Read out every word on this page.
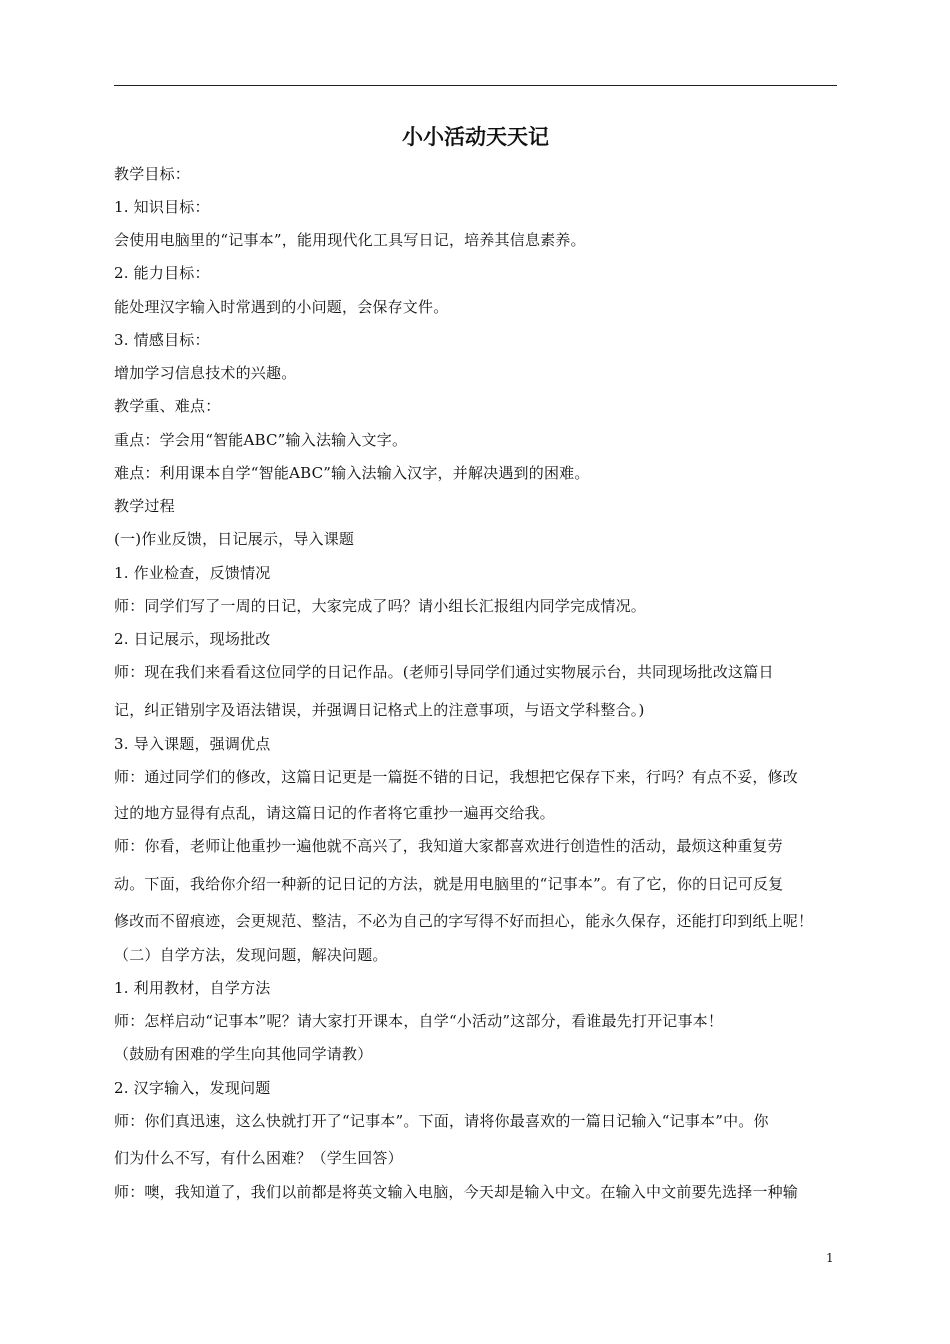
小小活动天天记
教学目标：
1. 知识目标：
会使用电脑里的“记事本”，能用现代化工具写日记，培养其信息素养。
2. 能力目标：
能处理汉字输入时常遇到的小问题，会保存文件。
3. 情感目标：
增加学习信息技术的兴趣。
教学重、难点：
重点：学会用“智能ABC”输入法输入文字。
难点：利用课本自学“智能ABC”输入法输入汉字，并解决遇到的困难。
教学过程
(一)作业反馈，日记展示，导入课题
1. 作业检查，反馈情况
师：同学们写了一周的日记，大家完成了吗？请小组长汇报组内同学完成情况。
2. 日记展示，现场批改
师：现在我们来看看这位同学的日记作品。(老师引导同学们通过实物展示台，共同现场批改这篇日
记，纠正错别字及语法错误，并强调日记格式上的注意事项，与语文学科整合。)
3. 导入课题，强调优点
师：通过同学们的修改，这篇日记更是一篇挺不错的日记，我想把它保存下来，行吗？有点不妥，修改
过的地方显得有点乱，请这篇日记的作者将它重抄一遍再交给我。
师：你看，老师让他重抄一遍他就不高兴了，我知道大家都喜欢进行创造性的活动，最烦这种重复劳
动。下面，我给你介绍一种新的记日记的方法，就是用电脑里的“记事本”。有了它，你的日记可反复
修改而不留痕迹，会更规范、整洁，不必为自己的字写得不好而担心，能永久保存，还能打印到纸上呢！
（二）自学方法，发现问题，解决问题。
1. 利用教材，自学方法
师：怎样启动“记事本”呢？请大家打开课本，自学“小活动”这部分，看谁最先打开记事本！
（鼓励有困难的学生向其他同学请教）
2. 汉字输入，发现问题
师：你们真迅速，这么快就打开了“记事本”。下面，请将你最喜欢的一篇日记输入“记事本”中。你
们为什么不写，有什么困难？（学生回答）
师：噢，我知道了，我们以前都是将英文输入电脑，今天却是输入中文。在输入中文前要先选择一种输
1
